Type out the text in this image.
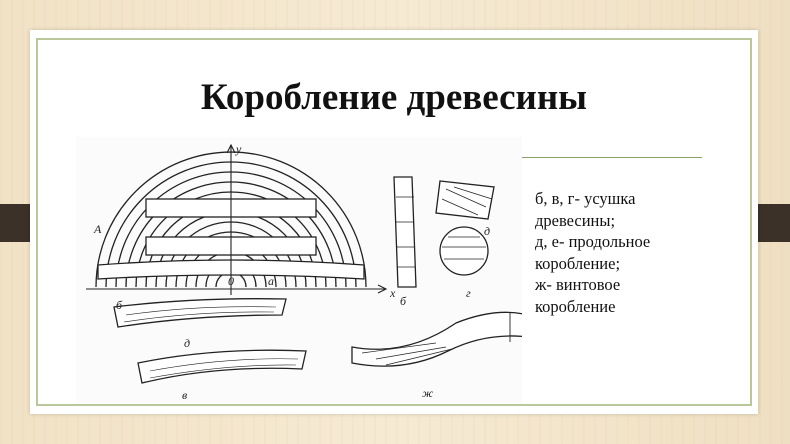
Коробление древесины
А
у
х
0	а
б
г
д
б
д
в	ж

б, в, г- усушка

древесины;

д, е- продольное

коробление;

ж- винтовое

коробление
